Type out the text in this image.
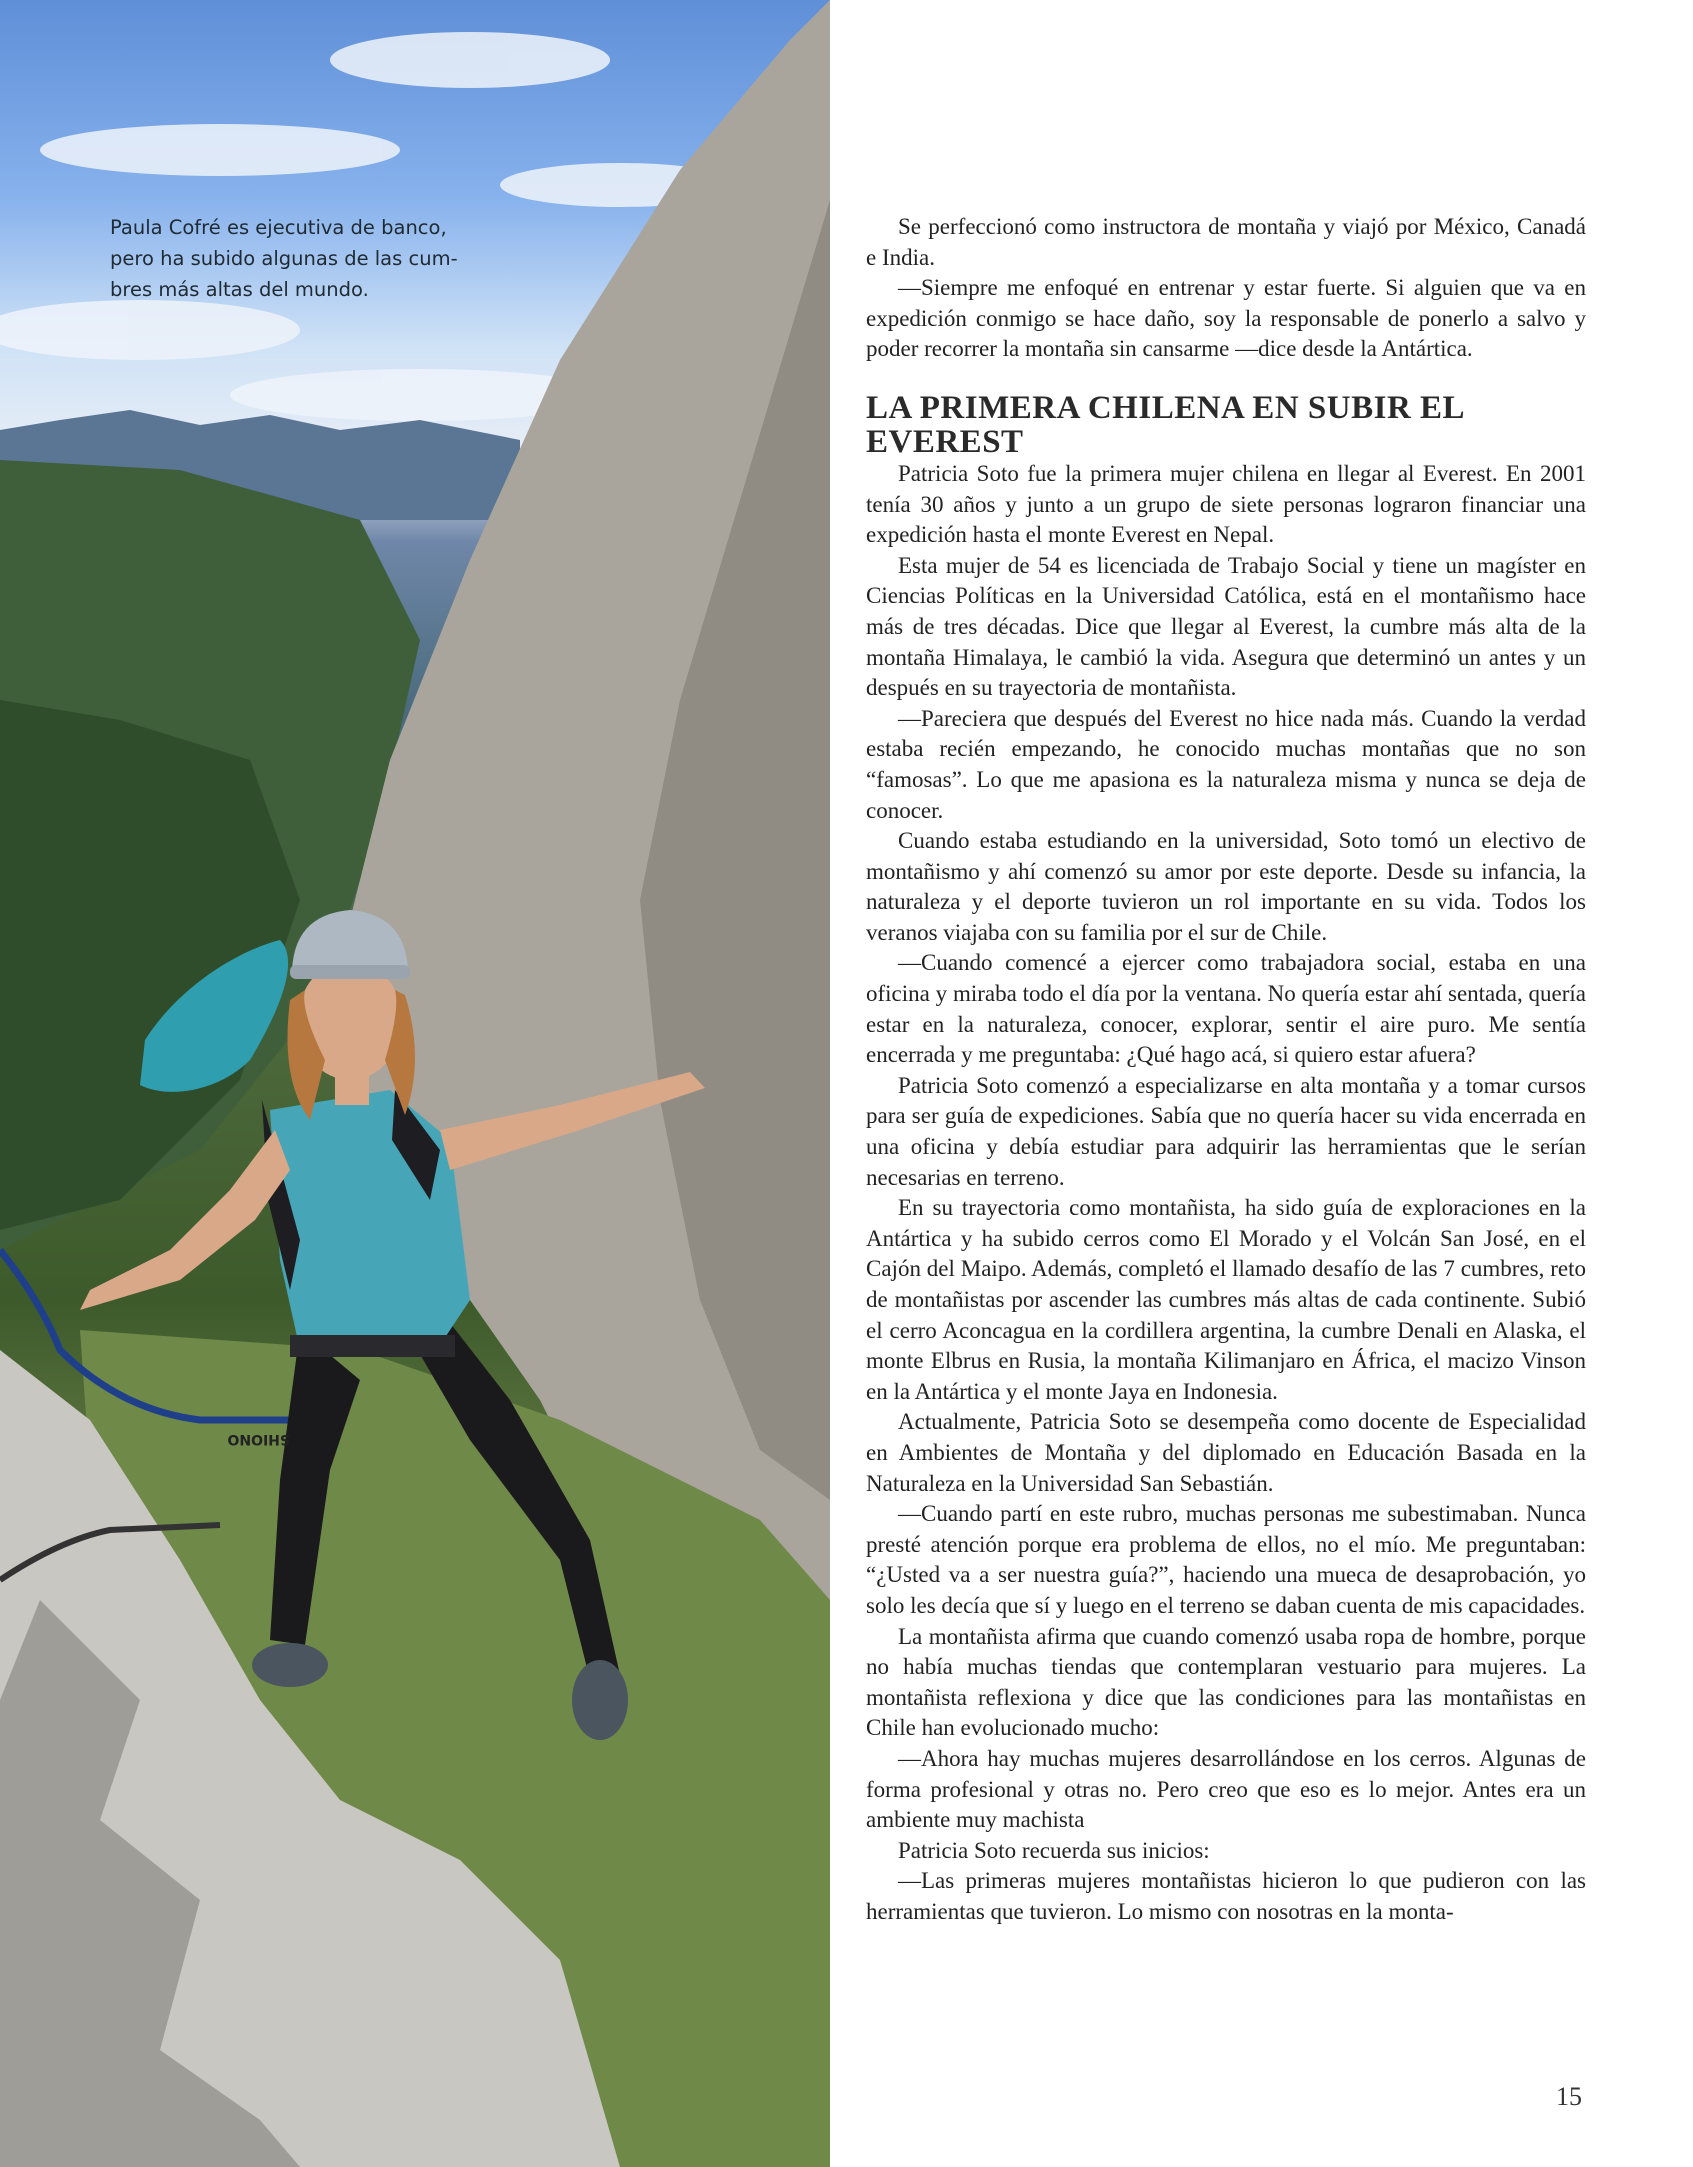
SHIONO
Paula Cofré es ejecutiva de banco,
pero ha subido algunas de las cum-
bres más altas del mundo.

Se perfeccionó como instructora de montaña y viajó por México, Canadá e India.

—Siempre me enfoqué en entrenar y estar fuerte. Si alguien que va en expedición conmigo se hace daño, soy la responsable de ponerlo a salvo y poder recorrer la montaña sin cansarme —dice desde la Antártica.

LA PRIMERA CHILENA EN SUBIR EL EVEREST

Patricia Soto fue la primera mujer chilena en llegar al Everest. En 2001 tenía 30 años y junto a un grupo de siete personas lograron financiar una expedición hasta el monte Everest en Nepal.

Esta mujer de 54 es licenciada de Trabajo Social y tiene un magíster en Ciencias Políticas en la Universidad Católica, está en el montañismo hace más de tres décadas. Dice que llegar al Everest, la cumbre más alta de la montaña Himalaya, le cambió la vida. Asegura que determinó un antes y un después en su trayectoria de montañista.

—Pareciera que después del Everest no hice nada más. Cuando la verdad estaba recién empezando, he conocido muchas montañas que no son “famosas”. Lo que me apasiona es la naturaleza misma y nunca se deja de conocer.

Cuando estaba estudiando en la universidad, Soto tomó un electivo de montañismo y ahí comenzó su amor por este deporte. Desde su infancia, la naturaleza y el deporte tuvieron un rol importante en su vida. Todos los veranos viajaba con su familia por el sur de Chile.

—Cuando comencé a ejercer como trabajadora social, estaba en una oficina y miraba todo el día por la ventana. No quería estar ahí sentada, quería estar en la naturaleza, conocer, explorar, sentir el aire puro. Me sentía encerrada y me preguntaba: ¿Qué hago acá, si quiero estar afuera?

Patricia Soto comenzó a especializarse en alta montaña y a tomar cursos para ser guía de expediciones. Sabía que no quería hacer su vida encerrada en una oficina y debía estudiar para adquirir las herramientas que le serían necesarias en terreno.

En su trayectoria como montañista, ha sido guía de exploraciones en la Antártica y ha subido cerros como El Morado y el Volcán San José, en el Cajón del Maipo. Además, completó el llamado desafío de las 7 cumbres, reto de montañistas por ascender las cumbres más altas de cada continente. Subió el cerro Aconcagua en la cordillera argentina, la cumbre Denali en Alaska, el monte Elbrus en Rusia, la montaña Kilimanjaro en África, el macizo Vinson en la Antártica y el monte Jaya en Indonesia.

Actualmente, Patricia Soto se desempeña como docente de Especialidad en Ambientes de Montaña y del diplomado en Educación Basada en la Naturaleza en la Universidad San Sebastián.

—Cuando partí en este rubro, muchas personas me subestimaban. Nunca presté atención porque era problema de ellos, no el mío. Me preguntaban: “¿Usted va a ser nuestra guía?”, haciendo una mueca de desaprobación, yo solo les decía que sí y luego en el terreno se daban cuenta de mis capacidades.

La montañista afirma que cuando comenzó usaba ropa de hombre, porque no había muchas tiendas que contemplaran vestuario para mujeres. La montañista reflexiona y dice que las condiciones para las montañistas en Chile han evolucionado mucho:

—Ahora hay muchas mujeres desarrollándose en los cerros. Algunas de forma profesional y otras no. Pero creo que eso es lo mejor. Antes era un ambiente muy machista

Patricia Soto recuerda sus inicios:

—Las primeras mujeres montañistas hicieron lo que pudieron con las herramientas que tuvieron. Lo mismo con nosotras en la monta-

15
